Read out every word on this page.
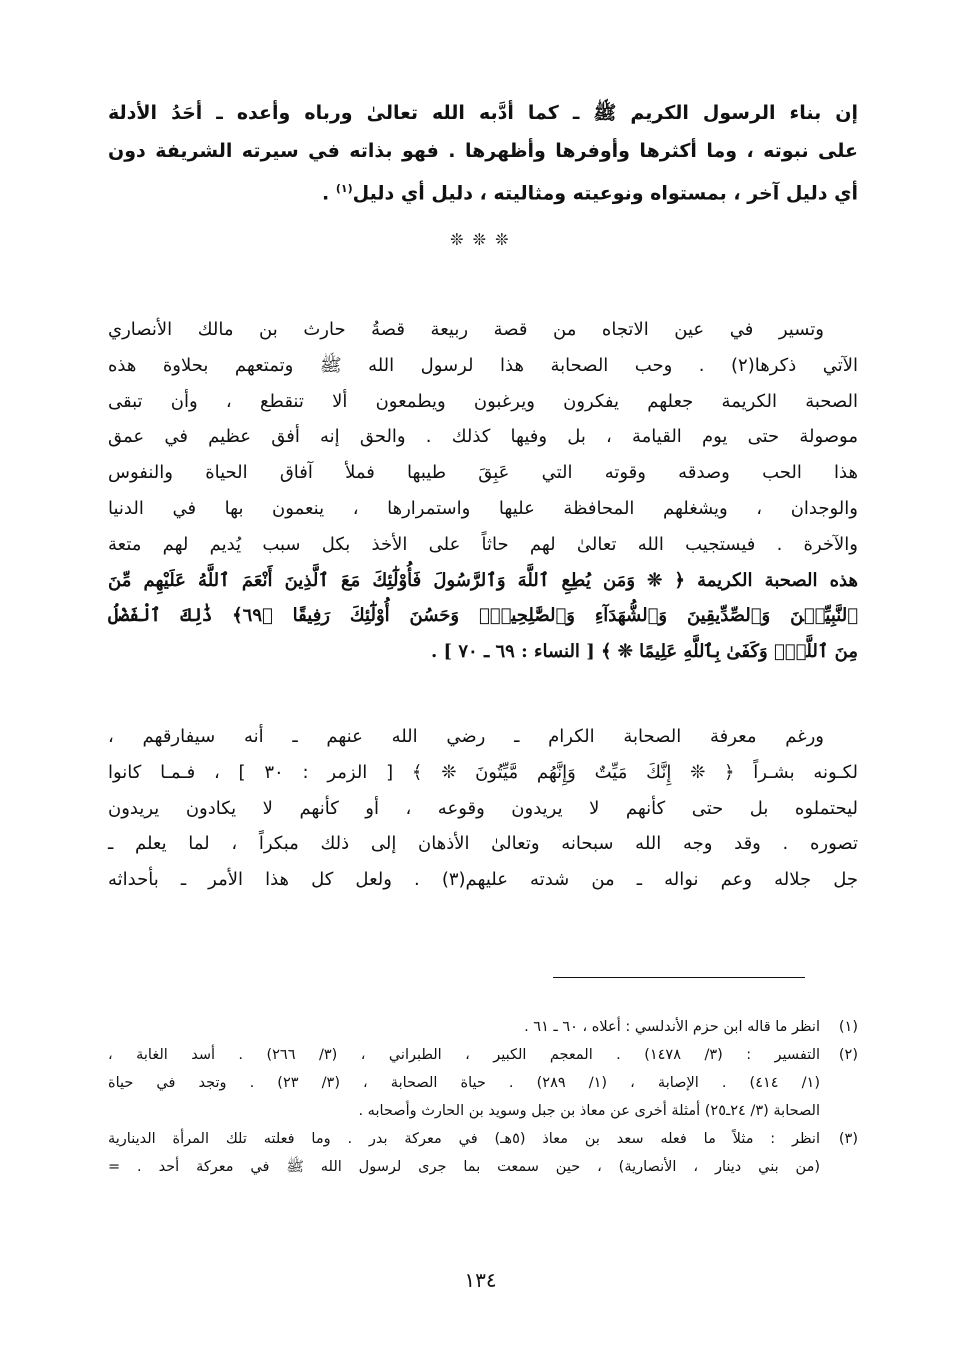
إن بناء الرسول الكريم ﷺ ـ كما أدَّبه الله تعالىٰ ورباه وأعده ـ أحَدُ الأدلة
على نبوته ، وما أكثرها وأوفرها وأظهرها . فهو بذاته في سيرته الشريفة دون
أي دليل آخر ، بمستواه ونوعيته ومثاليته ، دليل أي دليل$^{(١)}$ .
❊ ❊ ❊
وتسير في عين الاتجاه من قصة ربيعة قصةُ حارث بن مالك الأنصاري
الآتي ذكرها(٢) . وحب الصحابة هذا لرسول الله ﷺ وتمتعهم بحلاوة هذه
الصحبة الكريمة جعلهم يفكرون ويرغبون ويطمعون ألا تنقطع ، وأن تبقى
موصولة حتى يوم القيامة ، بل وفيها كذلك . والحق إنه أفق عظيم في عمق
هذا الحب وصدقه وقوته التي عَبِقَ طيبها فملأ آفاق الحياة والنفوس
والوجدان ، ويشغلهم المحافظة عليها واستمرارها ، ينعمون بها في الدنيا
والآخرة . فيستجيب الله تعالىٰ لهم حاثاً على الأخذ بكل سبب يُديم لهم متعة
هذه الصحبة الكريمة ﴿ ❊ وَمَن يُطِعِ ٱللَّهَ وَٱلرَّسُولَ فَأُوْلَٰٓئِكَ مَعَ ٱلَّذِينَ أَنْعَمَ ٱللَّهُ عَلَيْهِم مِّنَ
ٱلنَّبِيِّـۧنَ وَٱلصِّدِّيقِينَ وَٱلشُّهَدَآءِ وَٱلصَّٰلِحِينَۚ وَحَسُنَ أُوْلَٰٓئِكَ رَفِيقًا ﴿٦٩﴾ ذَٰلِكَ ٱلْفَضْلُ
مِنَ ٱللَّهِۚ وَكَفَىٰ بِٱللَّهِ عَلِيمًا ❊ ﴾ [ النساء : ٦٩ ـ ٧٠ ] .
ورغم معرفة الصحابة الكرام ـ رضي الله عنهم ـ أنه سيفارقهم ،
لكـونه بشـراً ﴿ ❊ إِنَّكَ مَيِّتٌ وَإِنَّهُم مَّيِّتُونَ ❊ ﴾ [ الزمر : ٣٠ ] ، فـمـا كانوا
ليحتملوه بل حتى كأنهم لا يريدون وقوعه ، أو كأنهم لا يكادون يريدون
تصوره . وقد وجه الله سبحانه وتعالىٰ الأذهان إلى ذلك مبكراً ، لما يعلم ـ
جل جلاله وعم نواله ـ من شدته عليهم(٣) . ولعل كل هذا الأمر ـ بأحداثه
(١)
انظر ما قاله ابن حزم الأندلسي : أعلاه ، ٦٠ ـ ٦١ .
(٢)
التفسير : (٣/ ١٤٧٨) . المعجم الكبير ، الطبراني ، (٣/ ٢٦٦) . أسد الغابة ،
(١/ ٤١٤) . الإصابة ، (١/ ٢٨٩) . حياة الصحابة ، (٣/ ٢٣) . وتجد في حياة
الصحابة (٣/ ٢٤ـ٢٥) أمثلة أخرى عن معاذ بن جبل وسويد بن الحارث وأصحابه .
(٣)
انظر : مثلاً ما فعله سعد بن معاذ (٥هـ) في معركة بدر . وما فعلته تلك المرأة الدينارية
(من بني دينار ، الأنصارية) ، حين سمعت بما جرى لرسول الله ﷺ في معركة أحد . =
١٣٤
